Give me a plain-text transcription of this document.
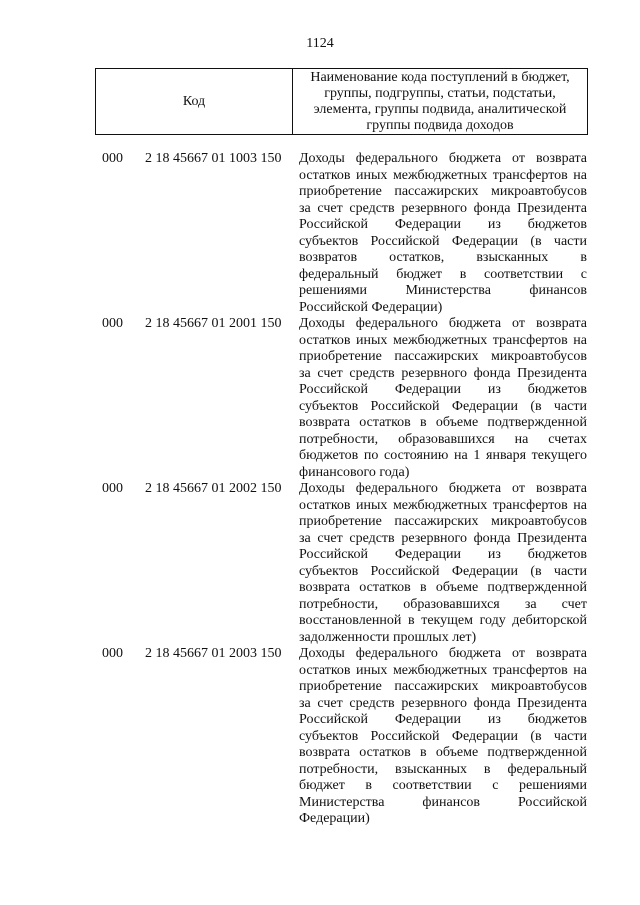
1124
Код
Наименование кода поступлений в бюджет, группы, подгруппы, статьи, подстатьи, элемента, группы подвида, аналитической группы подвида доходов
000 2 18 45667 01 1003 150 Доходы федерального бюджета от возврата
остатков иных межбюджетных трансфертов на
приобретение пассажирских микроавтобусов
за счет средств резервного фонда Президента
Российской Федерации из бюджетов
субъектов Российской Федерации (в части
возвратов остатков, взысканных в
федеральный бюджет в соответствии с
решениями Министерства финансов
Российской Федерации)
000 2 18 45667 01 2001 150 Доходы федерального бюджета от возврата
остатков иных межбюджетных трансфертов на
приобретение пассажирских микроавтобусов
за счет средств резервного фонда Президента
Российской Федерации из бюджетов
субъектов Российской Федерации (в части
возврата остатков в объеме подтвержденной
потребности, образовавшихся на счетах
бюджетов по состоянию на 1 января текущего
финансового года)
000 2 18 45667 01 2002 150 Доходы федерального бюджета от возврата
остатков иных межбюджетных трансфертов на
приобретение пассажирских микроавтобусов
за счет средств резервного фонда Президента
Российской Федерации из бюджетов
субъектов Российской Федерации (в части
возврата остатков в объеме подтвержденной
потребности, образовавшихся за счет
восстановленной в текущем году дебиторской
задолженности прошлых лет)
000 2 18 45667 01 2003 150 Доходы федерального бюджета от возврата
остатков иных межбюджетных трансфертов на
приобретение пассажирских микроавтобусов
за счет средств резервного фонда Президента
Российской Федерации из бюджетов
субъектов Российской Федерации (в части
возврата остатков в объеме подтвержденной
потребности, взысканных в федеральный
бюджет в соответствии с решениями
Министерства финансов Российской
Федерации)
